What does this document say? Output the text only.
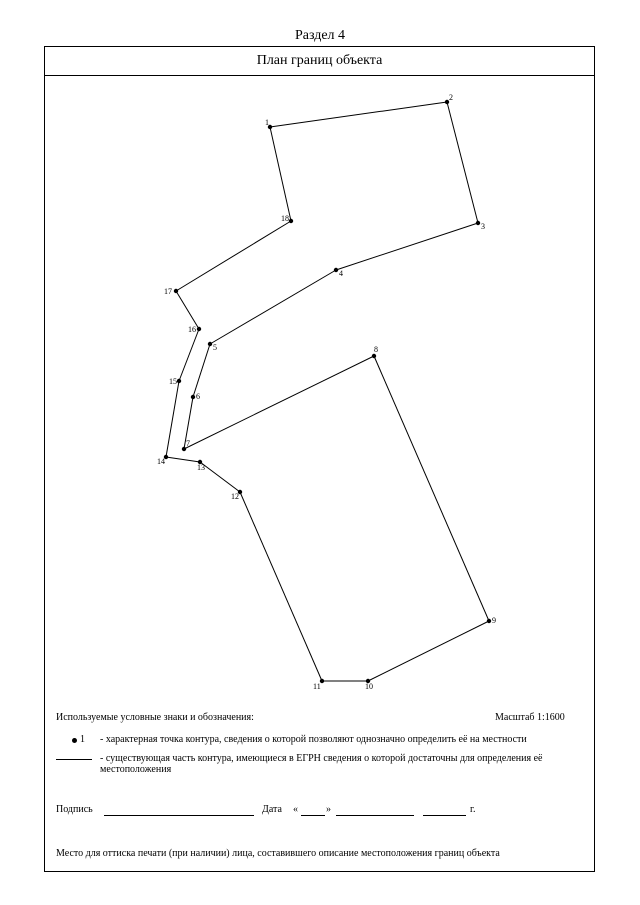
Раздел 4
План границ объекта
1
2
3
4
5
6
7
8
9
10
11
12
13
14
15
16
17
18
Используемые условные знаки и обозначения:	Масштаб 1:1600
1 - характерная точка контура, сведения о которой позволяют однозначно определить её на местности
- существующая часть контура, имеющиеся в ЕГРН сведения о которой достаточны для определения её местоположения
Подпись	Дата «	»	г.
Место для оттиска печати (при наличии) лица, составившего описание местоположения границ объекта
